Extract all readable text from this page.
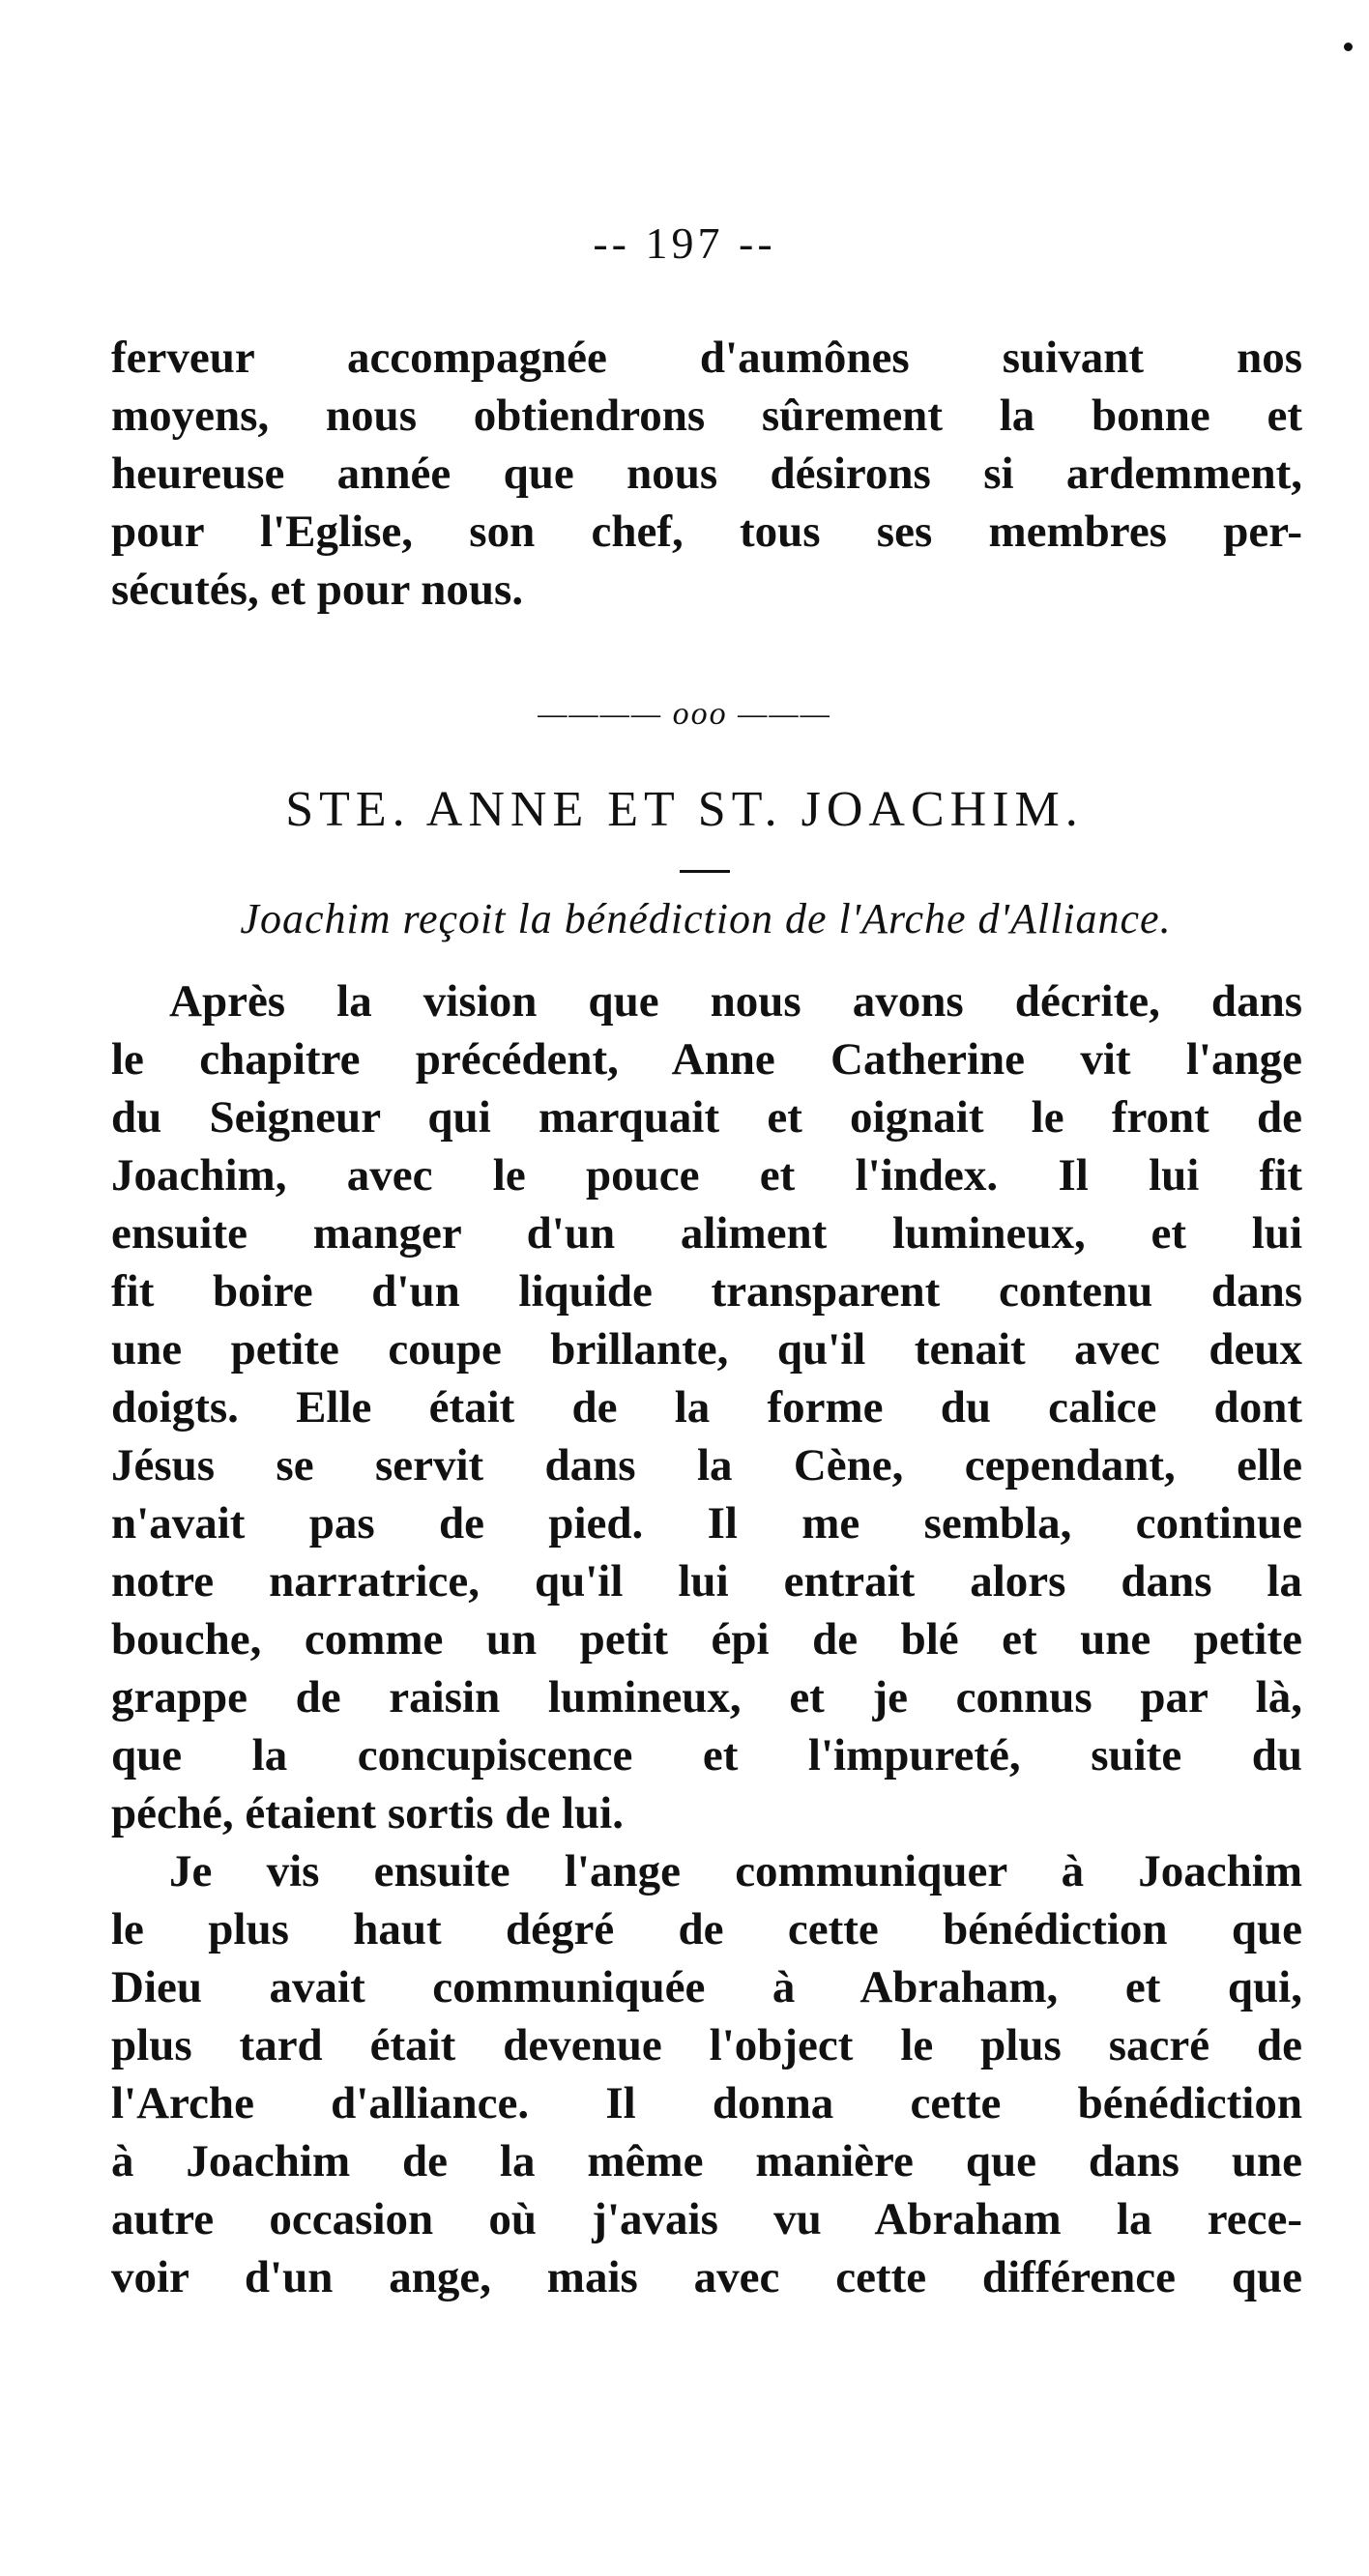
-- 197 --
ferveur accompagnée d'aumônes suivant nos
moyens, nous obtiendrons sûrement la bonne et
heureuse année que nous désirons si ardemment,
pour l'Eglise, son chef, tous ses membres per-
sécutés, et pour nous.
———— ooo ———
STE. ANNE ET ST. JOACHIM.
Joachim reçoit la bénédiction de l'Arche d'Alliance.
Après la vision que nous avons décrite, dans
le chapitre précédent, Anne Catherine vit l'ange
du Seigneur qui marquait et oignait le front de
Joachim, avec le pouce et l'index. Il lui fit
ensuite manger d'un aliment lumineux, et lui
fit boire d'un liquide transparent contenu dans
une petite coupe brillante, qu'il tenait avec deux
doigts. Elle était de la forme du calice dont
Jésus se servit dans la Cène, cependant, elle
n'avait pas de pied. Il me sembla, continue
notre narratrice, qu'il lui entrait alors dans la
bouche, comme un petit épi de blé et une petite
grappe de raisin lumineux, et je connus par là,
que la concupiscence et l'impureté, suite du
péché, étaient sortis de lui.
Je vis ensuite l'ange communiquer à Joachim
le plus haut dégré de cette bénédiction que
Dieu avait communiquée à Abraham, et qui,
plus tard était devenue l'object le plus sacré de
l'Arche d'alliance. Il donna cette bénédiction
à Joachim de la même manière que dans une
autre occasion où j'avais vu Abraham la rece-
voir d'un ange, mais avec cette différence que
